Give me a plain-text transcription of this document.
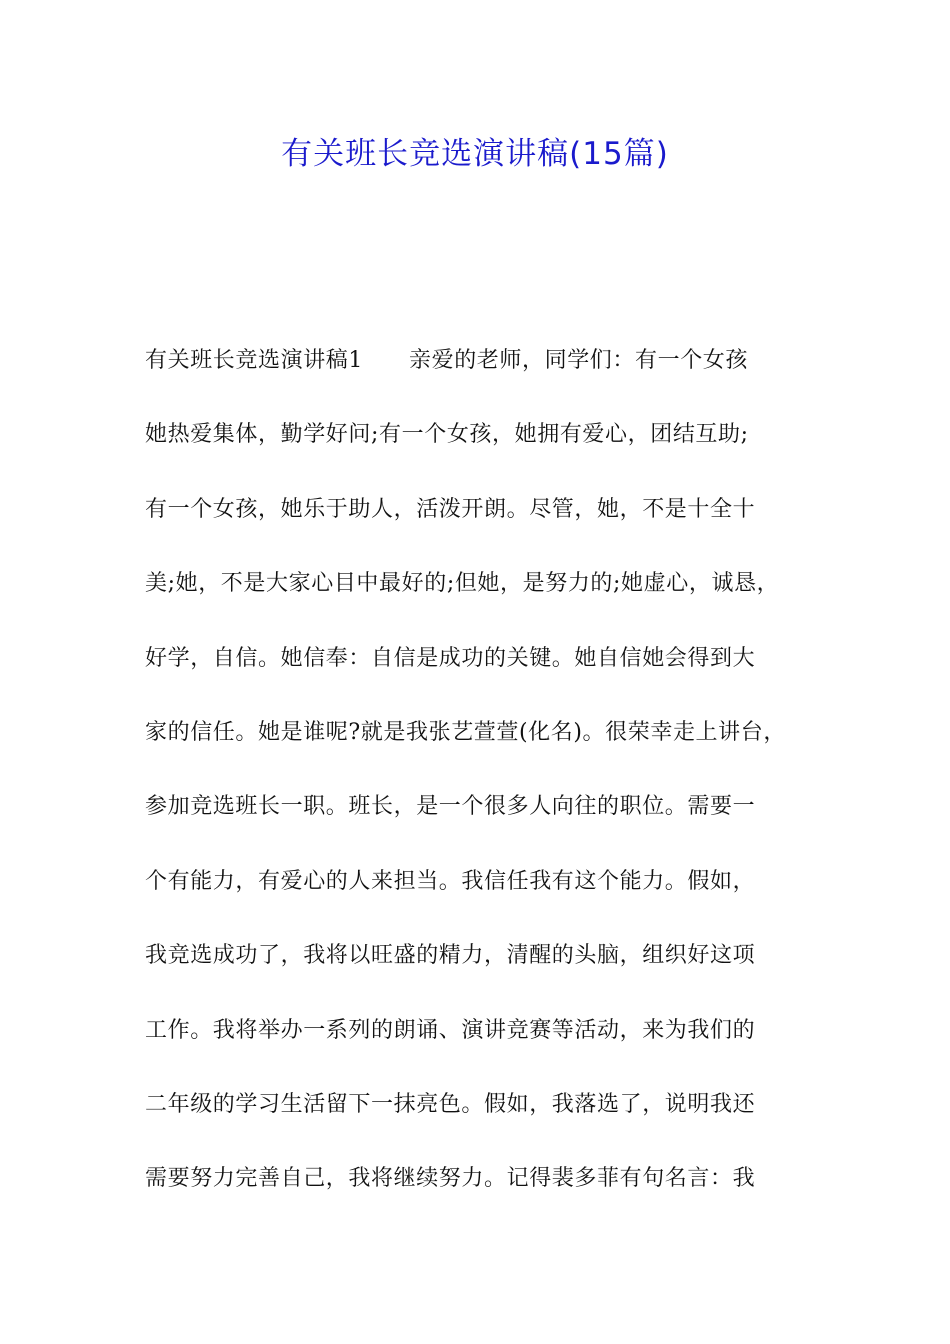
有关班长竞选演讲稿(15篇)
有关班长竞选演讲稿1 亲爱的老师，同学们：有一个女孩
她热爱集体，勤学好问;有一个女孩，她拥有爱心，团结互助;
有一个女孩，她乐于助人，活泼开朗。尽管，她，不是十全十
美;她，不是大家心目中最好的;但她，是努力的;她虚心，诚恳，
好学，自信。她信奉：自信是成功的关键。她自信她会得到大
家的信任。她是谁呢?就是我张艺萱萱(化名)。很荣幸走上讲台，
参加竞选班长一职。班长，是一个很多人向往的职位。需要一
个有能力，有爱心的人来担当。我信任我有这个能力。假如，
我竞选成功了，我将以旺盛的精力，清醒的头脑，组织好这项
工作。我将举办一系列的朗诵、演讲竞赛等活动，来为我们的
二年级的学习生活留下一抹亮色。假如，我落选了，说明我还
需要努力完善自己，我将继续努力。记得裴多菲有句名言：我
